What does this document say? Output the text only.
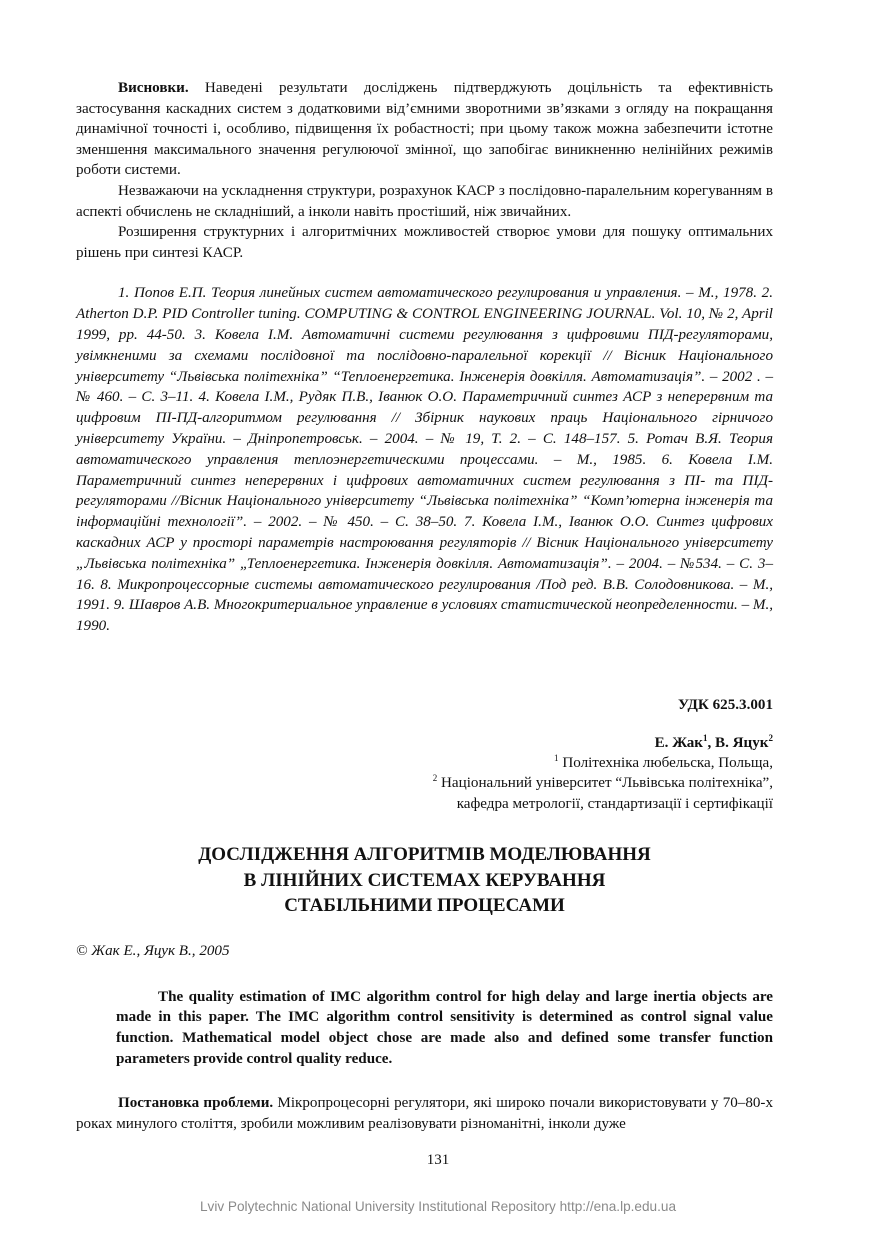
Висновки. Наведені результати досліджень підтверджують доцільність та ефективність застосування каскадних систем з додатковими від’ємними зворотними зв’язками з огляду на покращання динамічної точності і, особливо, підвищення їх робастності; при цьому також можна забезпечити істотне зменшення максимального значення регулюючої змінної, що запобігає виникненню нелінійних режимів роботи системи.

Незважаючи на ускладнення структури, розрахунок КАСР з послідовно-паралельним корегуванням в аспекті обчислень не складніший, а інколи навіть простіший, ніж звичайних.

Розширення структурних і алгоритмічних можливостей створює умови для пошуку оптимальних рішень при синтезі КАСР.

1. Попов Е.П. Теория линейных систем автоматического регулирования и управления. – М., 1978. 2. Atherton D.P. PID Controller tuning. COMPUTING & CONTROL ENGINEERING JOURNAL. Vol. 10, № 2, April 1999, pp. 44-50. 3. Ковела І.М. Автоматичні системи регулювання з цифровими ПІД-регуляторами, увімкненими за схемами послідовної та послідовно-паралельної корекції // Вісник Національного університету “Львівська політехніка” “Теплоенергетика. Інженерія довкілля. Автоматизація”. – 2002 . – № 460. – С. 3–11. 4. Ковела І.М., Рудяк П.В., Іванюк О.О. Параметричний синтез АСР з неперервним та цифровим ПІ-ПД-алгоритмом регулювання // Збірник наукових праць Національного гірничого університету України. – Дніпропетровськ. – 2004. – № 19, Т. 2. – С. 148–157. 5. Ротач В.Я. Теория автоматического управления теплоэнергетическими процессами. – М., 1985. 6. Ковела І.М. Параметричний синтез неперервних і цифрових автоматичних систем регулювання з ПІ- та ПІД-регуляторами //Вісник Національного університету “Львівська політехніка” “Комп’ютерна інженерія та інформаційні технології”. – 2002. – № 450. – С. 38–50. 7. Ковела І.М., Іванюк О.О. Синтез цифрових каскадних АСР у просторі параметрів настроювання регуляторів // Вісник Національного університету „Львівська політехніка” „Теплоенергетика. Інженерія довкілля. Автоматизація”. – 2004. – №534. – С. 3–16. 8. Микропроцессорные системы автоматического регулирования /Под ред. В.В. Солодовникова. – М., 1991. 9. Шавров А.В. Многокритериальное управление в условиях статистической неопределенности. – М., 1990.

УДК 625.3.001
Е. Жак$^1$, В. Яцук$^2$
$^1$ Політехніка любельска, Польща,
$^2$ Національний університет “Львівська політехніка”,
кафедра метрології, стандартизації і сертифікації
ДОСЛІДЖЕННЯ АЛГОРИТМІВ МОДЕЛЮВАННЯ
В ЛІНІЙНИХ СИСТЕМАХ КЕРУВАННЯ
СТАБІЛЬНИМИ ПРОЦЕСАМИ
© Жак Е., Яцук В., 2005

The quality estimation of IMC algorithm control for high delay and large inertia objects are made in this paper. The IMC algorithm control sensitivity is determined as control signal value function. Mathematical model object chose are made also and defined some transfer function parameters provide control quality reduce.

Постановка проблеми. Мікропроцесорні регулятори, які широко почали використовувати у 70–80-х роках минулого століття, зробили можливим реалізовувати різноманітні, інколи дуже

131
Lviv Polytechnic National University Institutional Repository http://ena.lp.edu.ua
